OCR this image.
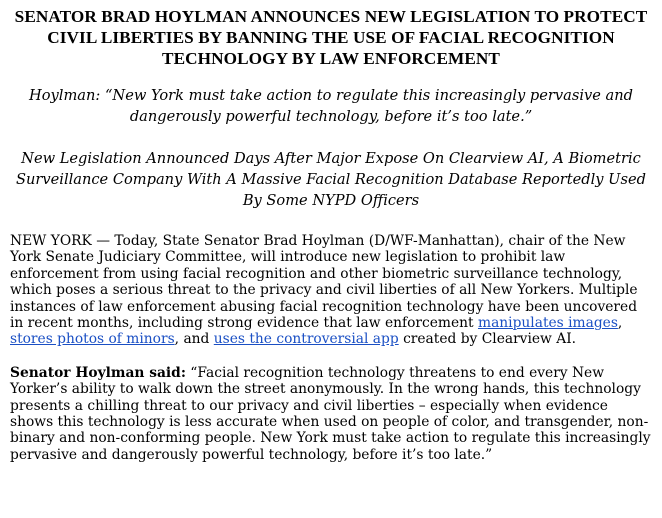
SENATOR BRAD HOYLMAN ANNOUNCES NEW LEGISLATION TO PROTECT CIVIL LIBERTIES BY BANNING THE USE OF FACIAL RECOGNITION TECHNOLOGY BY LAW ENFORCEMENT

Hoylman: “New York must take action to regulate this increasingly pervasive and dangerously powerful technology, before it’s too late.”

New Legislation Announced Days After Major Expose On Clearview AI, A Biometric Surveillance Company With A Massive Facial Recognition Database Reportedly Used By Some NYPD Officers

NEW YORK — Today, State Senator Brad Hoylman (D/WF-Manhattan), chair of the New York Senate Judiciary Committee, will introduce new legislation to prohibit law enforcement from using facial recognition and other biometric surveillance technology, which poses a serious threat to the privacy and civil liberties of all New Yorkers. Multiple instances of law enforcement abusing facial recognition technology have been uncovered in recent months, including strong evidence that law enforcement manipulates images,
stores photos of minors, and uses the controversial app created by Clearview AI.

Senator Hoylman said: “Facial recognition technology threatens to end every New Yorker’s ability to walk down the street anonymously. In the wrong hands, this technology presents a chilling threat to our privacy and civil liberties – especially when evidence shows this technology is less accurate when used on people of color, and transgender, non-binary and non-conforming people. New York must take action to regulate this increasingly pervasive and dangerously powerful technology, before it’s too late.”
